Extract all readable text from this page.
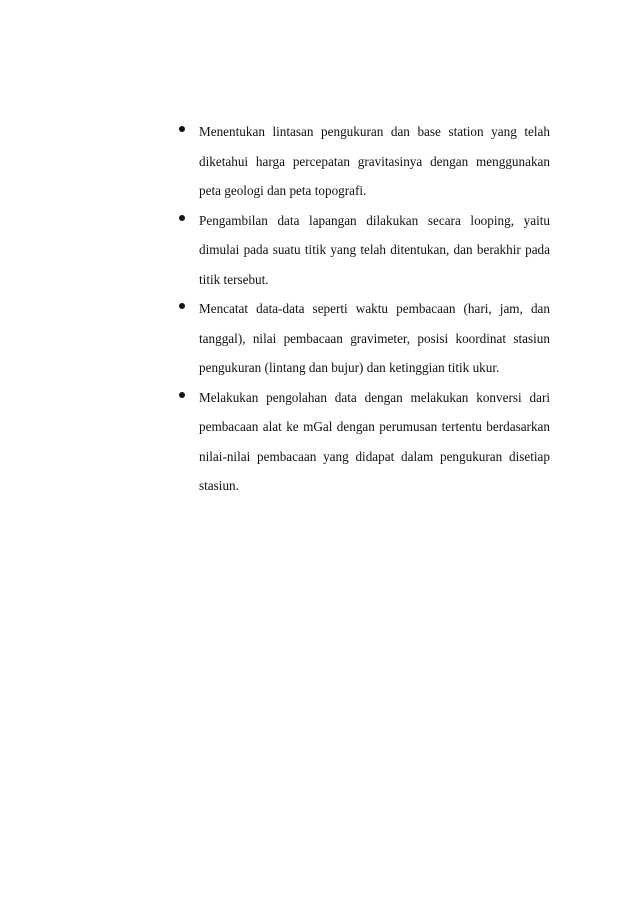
Menentukan lintasan pengukuran dan base station yang telah diketahui harga percepatan gravitasinya dengan menggunakan peta geologi dan peta topografi.
Pengambilan data lapangan dilakukan secara looping, yaitu dimulai pada suatu titik yang telah ditentukan, dan berakhir pada titik tersebut.
Mencatat data-data seperti waktu pembacaan (hari, jam, dan tanggal), nilai pembacaan gravimeter, posisi koordinat stasiun pengukuran (lintang dan bujur) dan ketinggian titik ukur.
Melakukan pengolahan data dengan melakukan konversi dari pembacaan alat ke mGal dengan perumusan tertentu berdasarkan nilai-nilai pembacaan yang didapat dalam pengukuran disetiap stasiun.
